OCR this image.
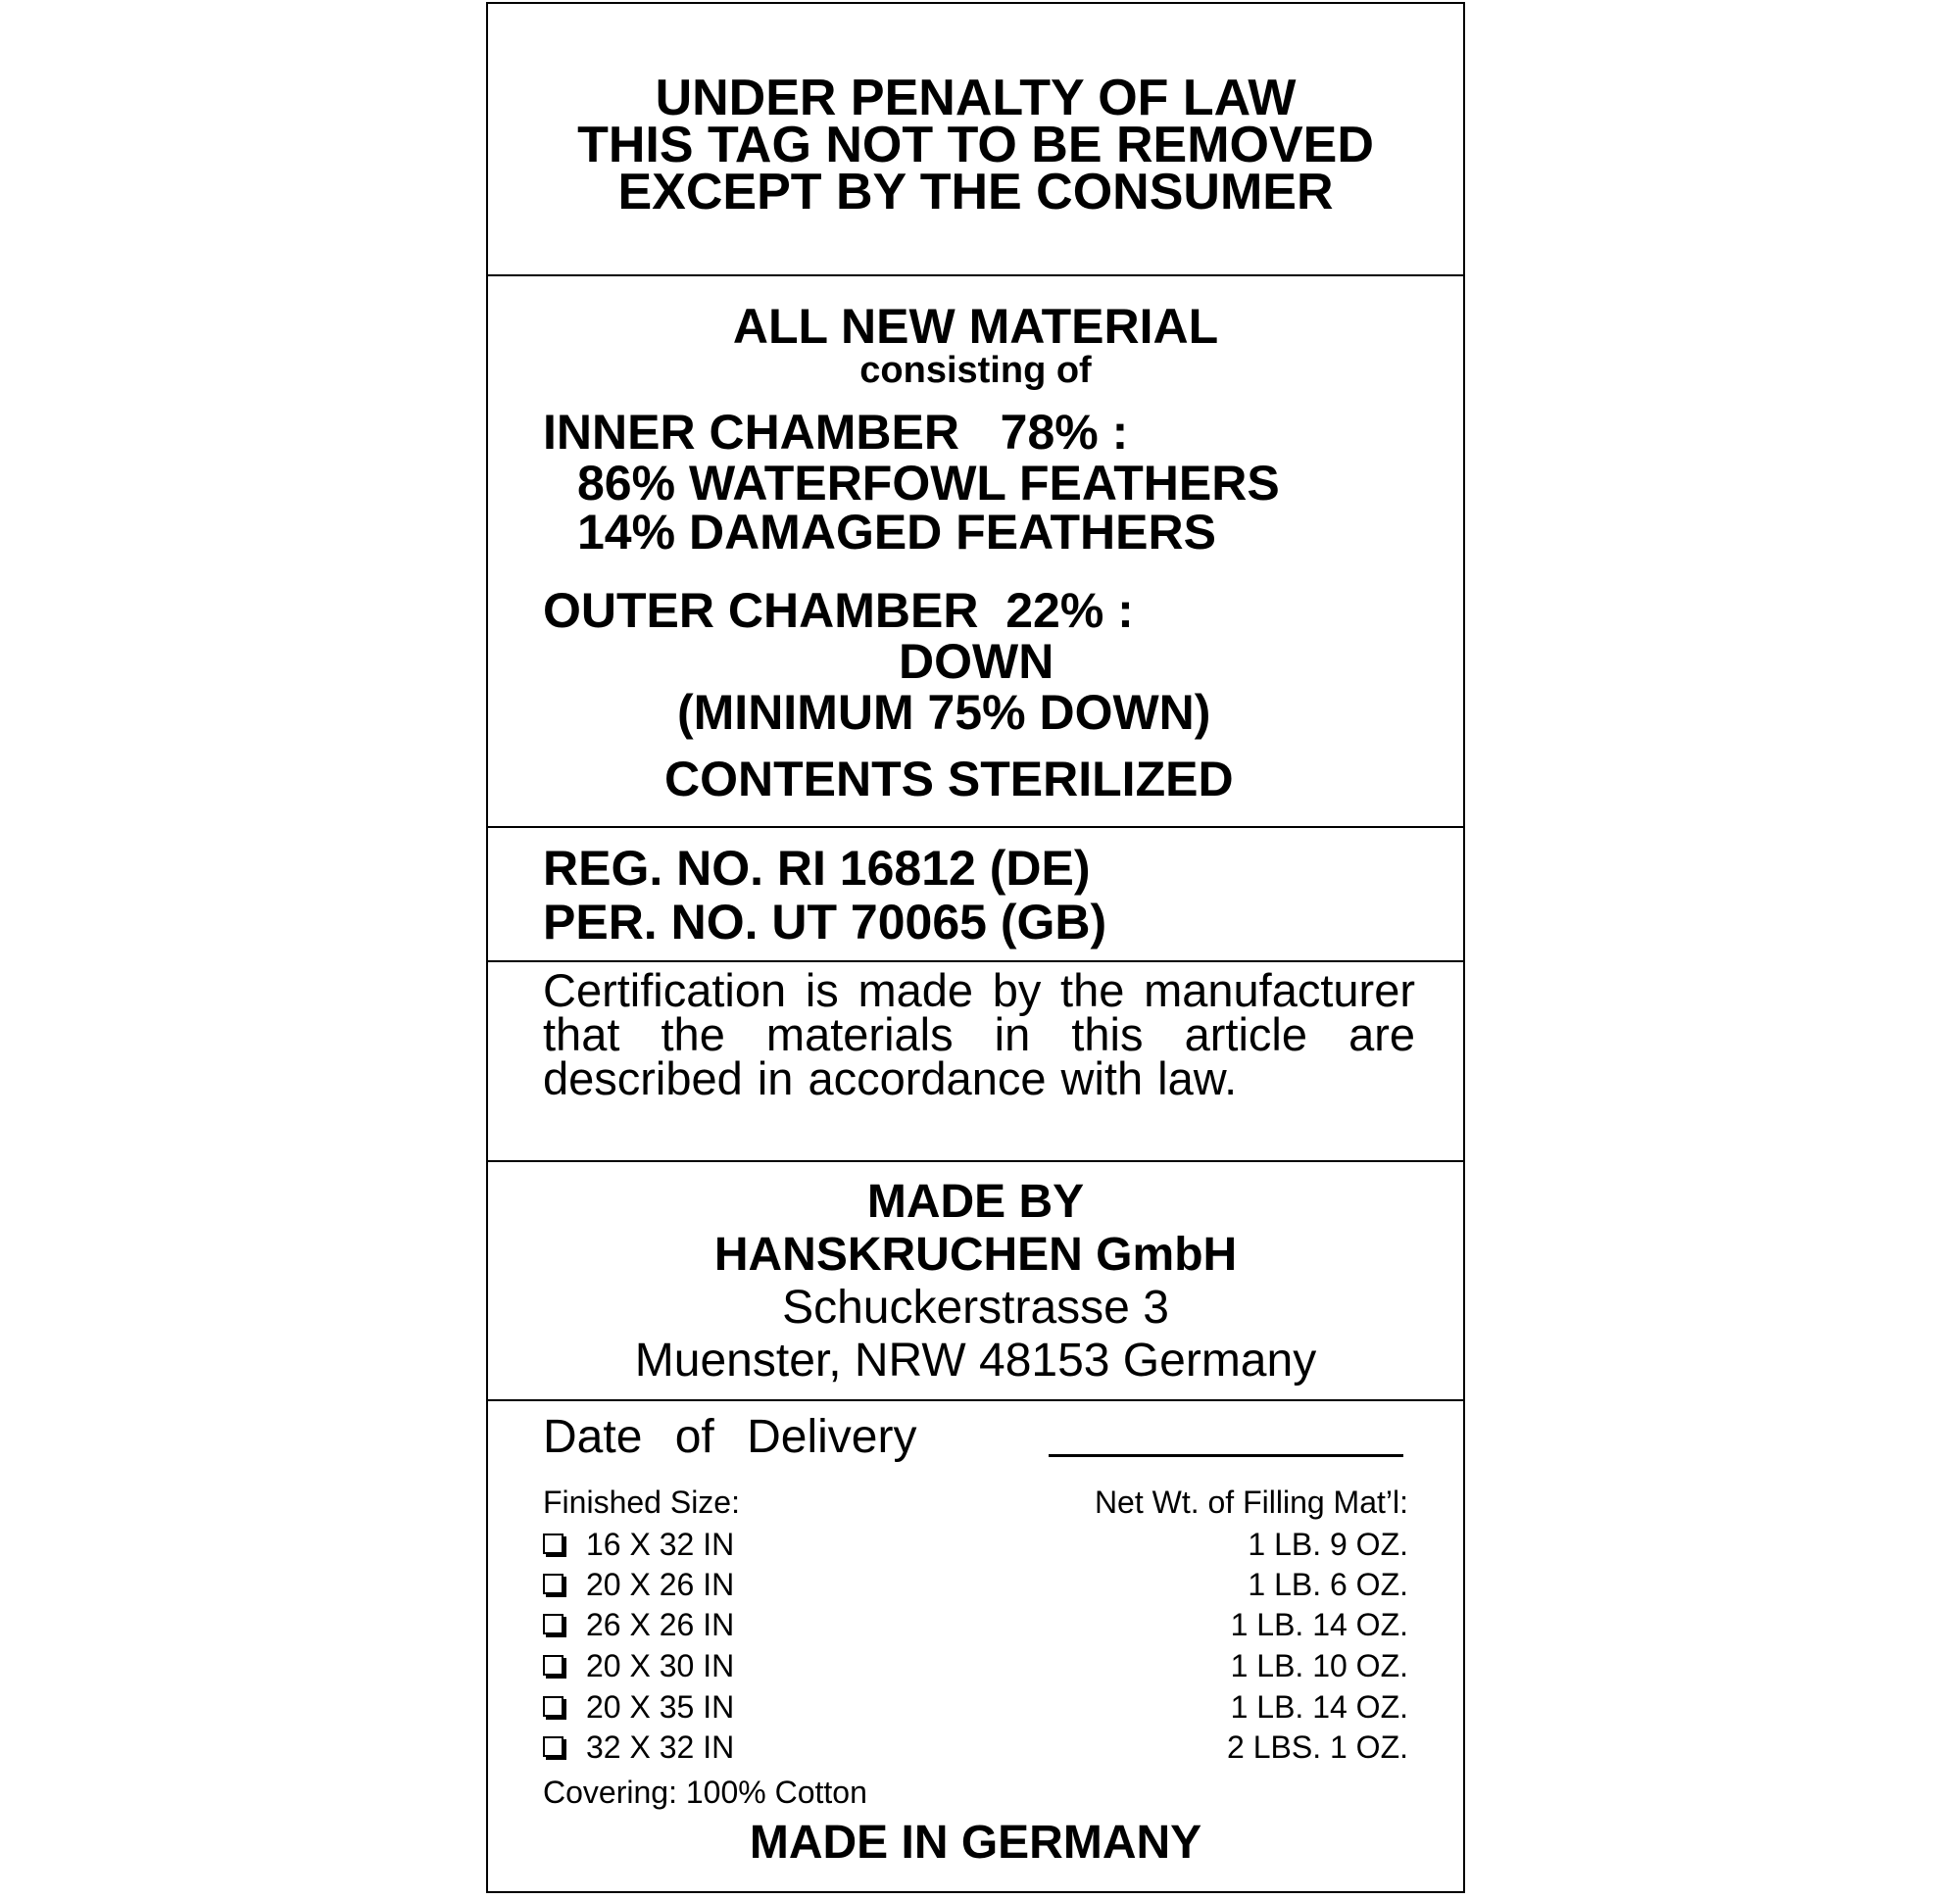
UNDER PENALTY OF LAW
THIS TAG NOT TO BE REMOVED
EXCEPT BY THE CONSUMER
ALL NEW MATERIAL
consisting of
INNER CHAMBER   78% :
86% WATERFOWL FEATHERS
14% DAMAGED FEATHERS
OUTER CHAMBER  22% :
DOWN
(MINIMUM 75% DOWN)
CONTENTS STERILIZED
REG. NO. RI 16812 (DE)
PER. NO. UT 70065 (GB)
Certification is made by the manufacturer that the materials in this article are described in accordance with law.
MADE BY
HANSKRUCHEN GmbH
Schuckerstrasse 3
Muenster, NRW 48153 Germany
Date of Delivery
Finished Size:	Net Wt. of Filling Mat’l:
16 X 32 IN	1 LB. 9 OZ.
20 X 26 IN	1 LB. 6 OZ.
26 X 26 IN	1 LB. 14 OZ.
20 X 30 IN	1 LB. 10 OZ.
20 X 35 IN	1 LB. 14 OZ.
32 X 32 IN	2 LBS. 1 OZ.
Covering: 100% Cotton
MADE IN GERMANY
